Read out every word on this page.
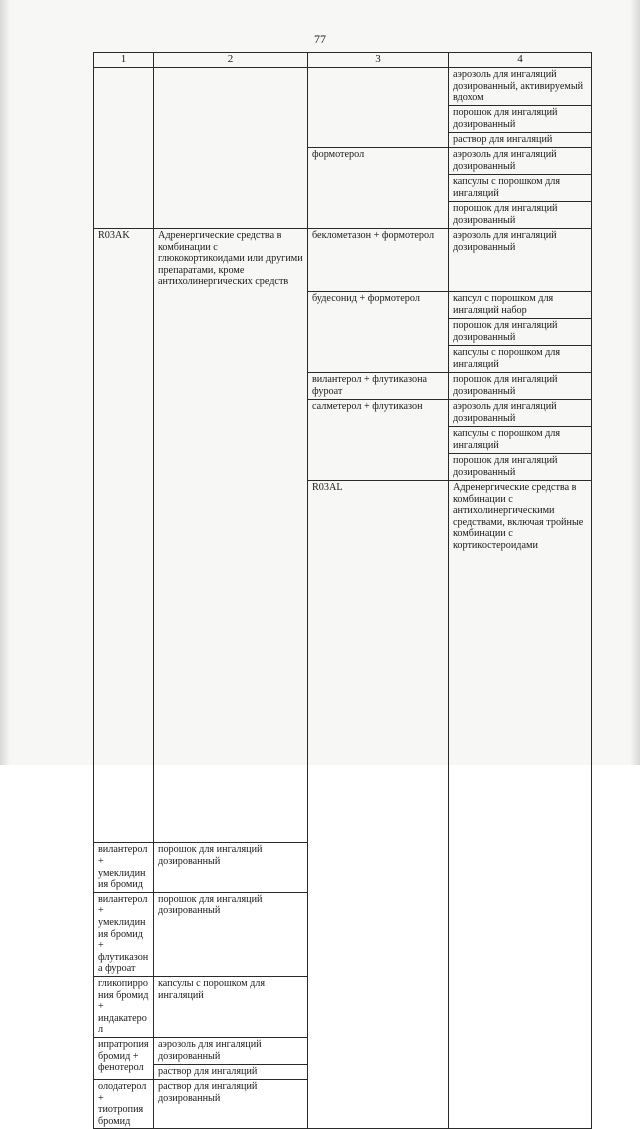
77
1	2	3	4	
			аэрозоль для ингаляций дозированный, активируемый вдохом	
			порошок для ингаляций дозированный	
			раствор для ингаляций	
		формотерол	аэрозоль для ингаляций дозированный	
			капсулы с порошком для ингаляций	
			порошок для ингаляций дозированный	
R03AK	Адренергические средства в комбинации с глюкокортикоидами или другими препаратами, кроме антихолинергических средств	беклометазон + формотерол	аэрозоль для ингаляций дозированный	
		будесонид + формотерол	капсул с порошком для ингаляций набор	
			порошок для ингаляций дозированный	
			капсулы с порошком для ингаляций	
		вилантерол + флутиказона фуроат	порошок для ингаляций дозированный	
		салметерол + флутиказон	аэрозоль для ингаляций дозированный	
			капсулы с порошком для ингаляций	
			порошок для ингаляций дозированный	
		R03AL	Адренергические средства в комбинации с антихолинергическими средствами, включая тройные комбинации с кортикостероидами		
вилантерол + умеклидиния бромид	порошок для ингаляций дозированный			
вилантерол + умеклидиния бромид + флутиказона фуроат	порошок для ингаляций дозированный			
гликопиррония бромид + индакатерол	капсулы с порошком для ингаляций			
ипратропия бромид + фенотерол	аэрозоль для ингаляций дозированный			
	раствор для ингаляций			
олодатерол + тиотропия бромид	раствор для ингаляций дозированный			
